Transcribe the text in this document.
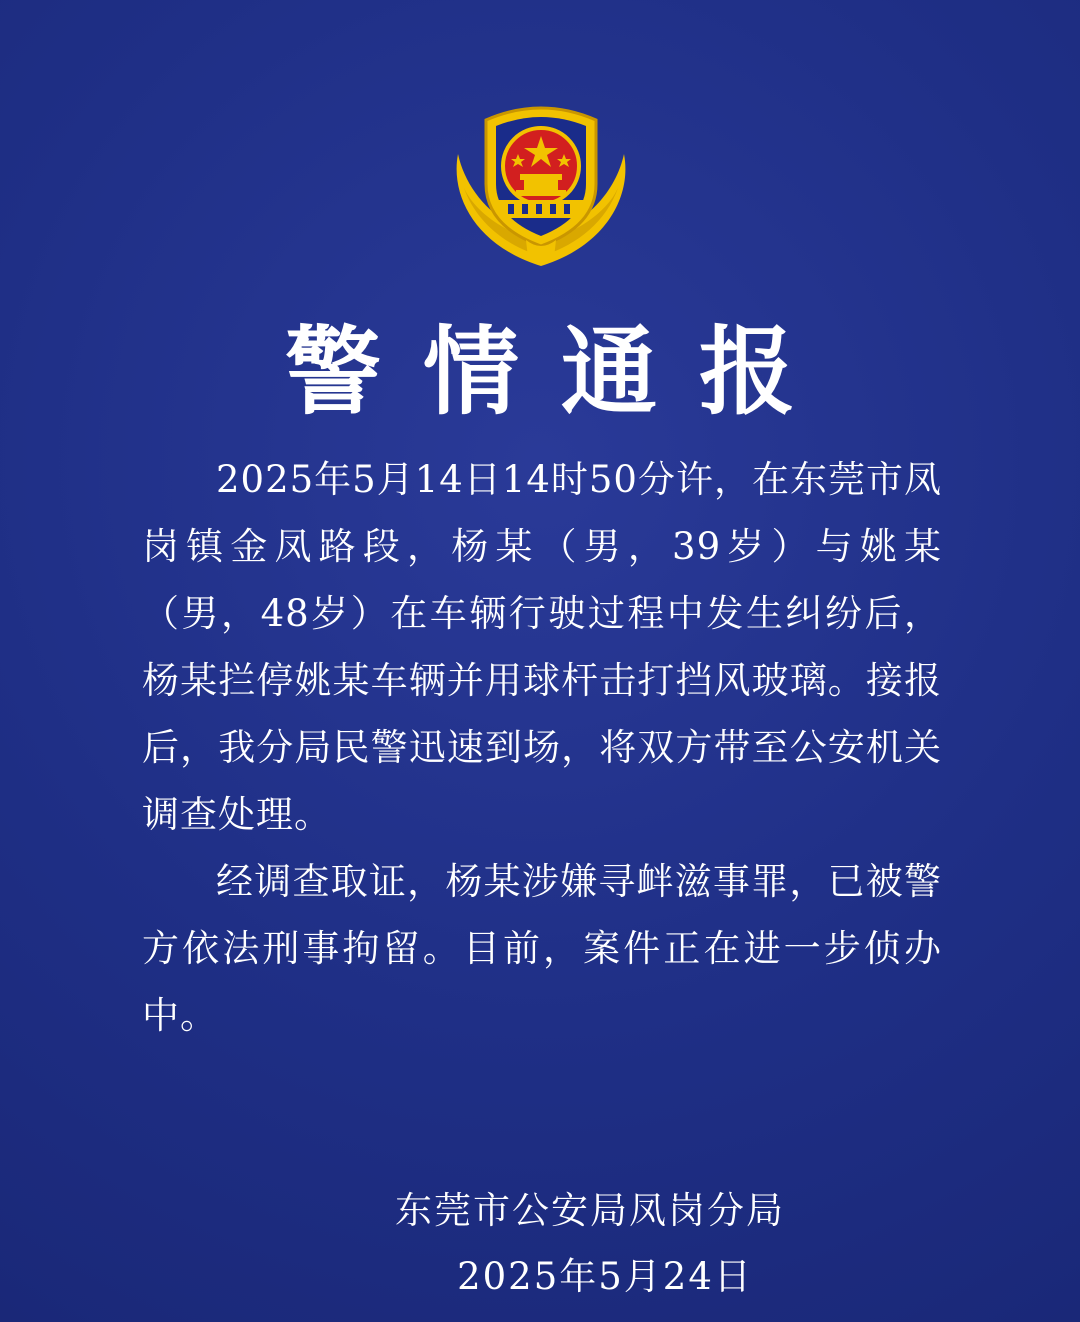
警情通报

2025年5月14日14时50分许，在东莞市凤岗镇金凤路段，杨某（男，39岁）与姚某（男，48岁）在车辆行驶过程中发生纠纷后，杨某拦停姚某车辆并用球杆击打挡风玻璃。接报后，我分局民警迅速到场，将双方带至公安机关调查处理。

经调查取证，杨某涉嫌寻衅滋事罪，已被警方依法刑事拘留。目前，案件正在进一步侦办中。

东莞市公安局凤岗分局
2025年5月24日
